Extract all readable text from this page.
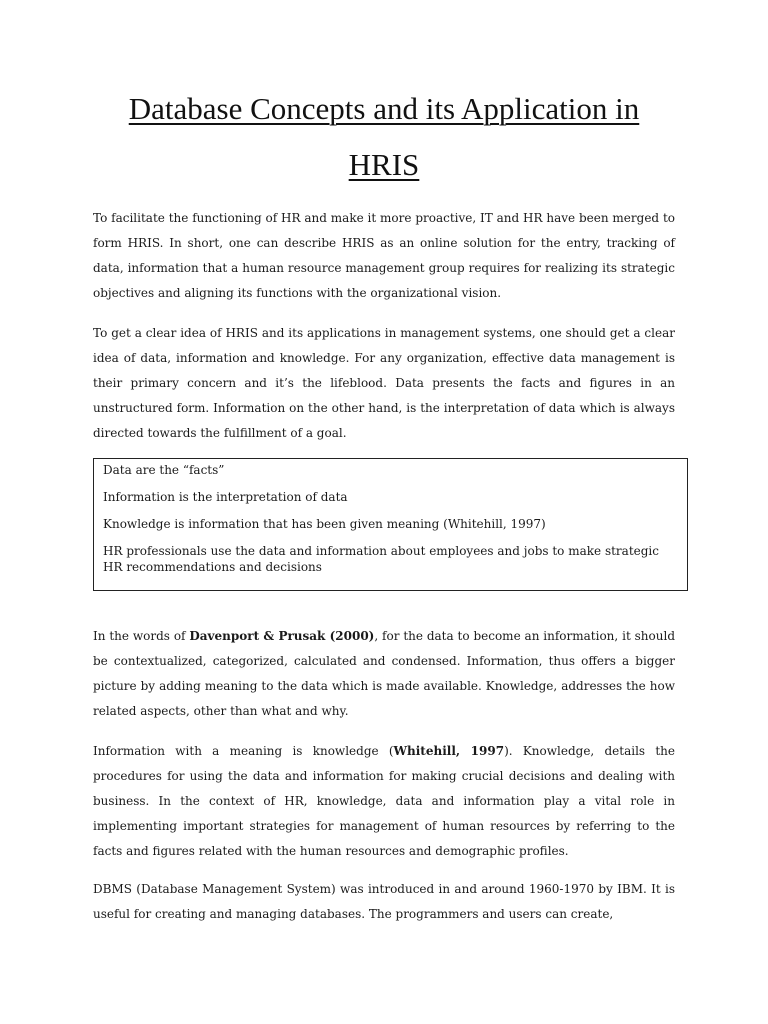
Database Concepts and its Application in
HRIS

To facilitate the functioning of HR and make it more proactive, IT and HR have been merged to form HRIS. In short, one can describe HRIS as an online solution for the entry, tracking of data, information that a human resource management group requires for realizing its strategic objectives and aligning its functions with the organizational vision.

To get a clear idea of HRIS and its applications in management systems, one should get a clear idea of data, information and knowledge. For any organization, effective data management is their primary concern and it’s the lifeblood. Data presents the facts and figures in an unstructured form. Information on the other hand, is the interpretation of data which is always directed towards the fulfillment of a goal.

Data are the “facts”

Information is the interpretation of data

Knowledge is information that has been given meaning (Whitehill, 1997)

HR professionals use the data and information about employees and jobs to make strategic HR recommendations and decisions

In the words of Davenport & Prusak (2000), for the data to become an information, it should be contextualized, categorized, calculated and condensed. Information, thus offers a bigger picture by adding meaning to the data which is made available. Knowledge, addresses the how related aspects, other than what and why.

Information with a meaning is knowledge (Whitehill, 1997). Knowledge, details the procedures for using the data and information for making crucial decisions and dealing with business. In the context of HR, knowledge, data and information play a vital role in implementing important strategies for management of human resources by referring to the facts and figures related with the human resources and demographic profiles.

DBMS (Database Management System) was introduced in and around 1960-1970 by IBM. It is useful for creating and managing databases. The programmers and users can create,
